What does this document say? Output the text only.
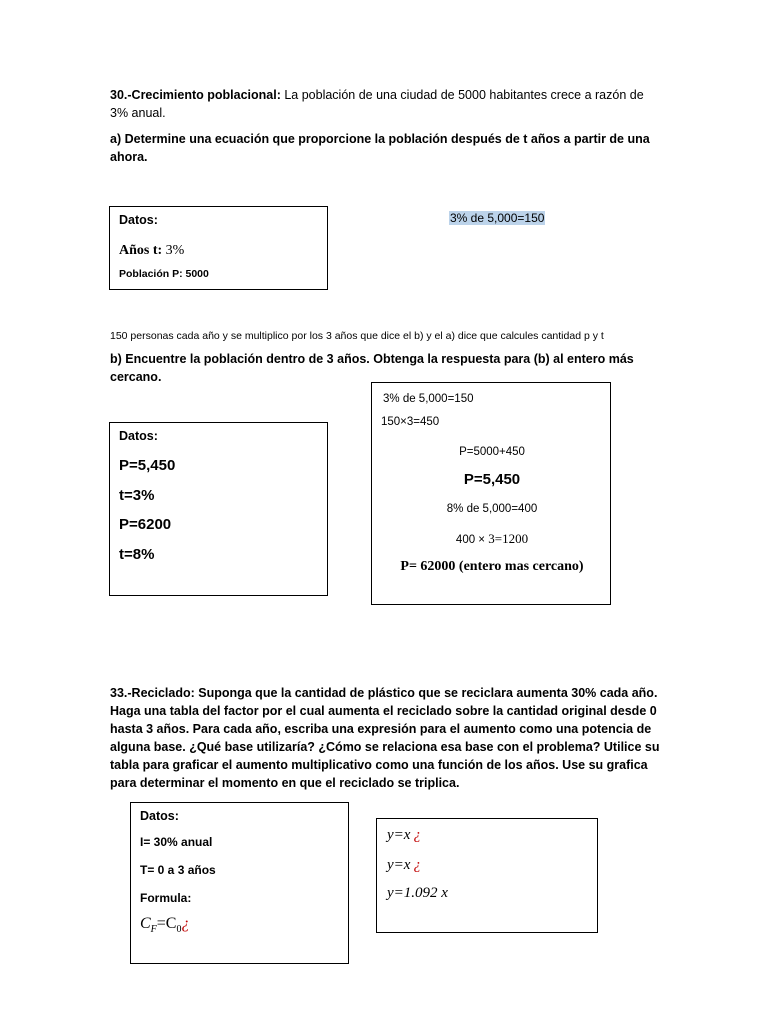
30.-Crecimiento poblacional: La población de una ciudad de 5000 habitantes crece a razón de 3% anual.
a) Determine una ecuación que proporcione la población después de t años a partir de una ahora.
Datos:
Años t: 3%
Población P: 5000
3% de 5,000=150
150 personas cada año y se multiplico por los 3 años que dice el b) y el a) dice que calcules cantidad p y t
b) Encuentre la población dentro de 3 años. Obtenga la respuesta para (b) al entero más cercano.
Datos:
P=5,450
t=3%
P=6200
t=8%
3% de 5,000=150
150×3=450
P=5000+450
P=5,450
8% de 5,000=400
400 × 3=1200
P= 62000 (entero mas cercano)
33.-Reciclado: Suponga que la cantidad de plástico que se reciclara aumenta 30% cada año. Haga una tabla del factor por el cual aumenta el reciclado sobre la cantidad original desde 0 hasta 3 años. Para cada año, escriba una expresión para el aumento como una potencia de alguna base. ¿Qué base utilizaría? ¿Cómo se relaciona esa base con el problema? Utilice su tabla para graficar el aumento multiplicativo como una función de los años. Use su grafica para determinar el momento en que el reciclado se triplica.
Datos:
I= 30% anual
T= 0 a 3 años
Formula:
$C_F=C_0¿$
y=x ¿
y=x ¿
y=1.092 x
